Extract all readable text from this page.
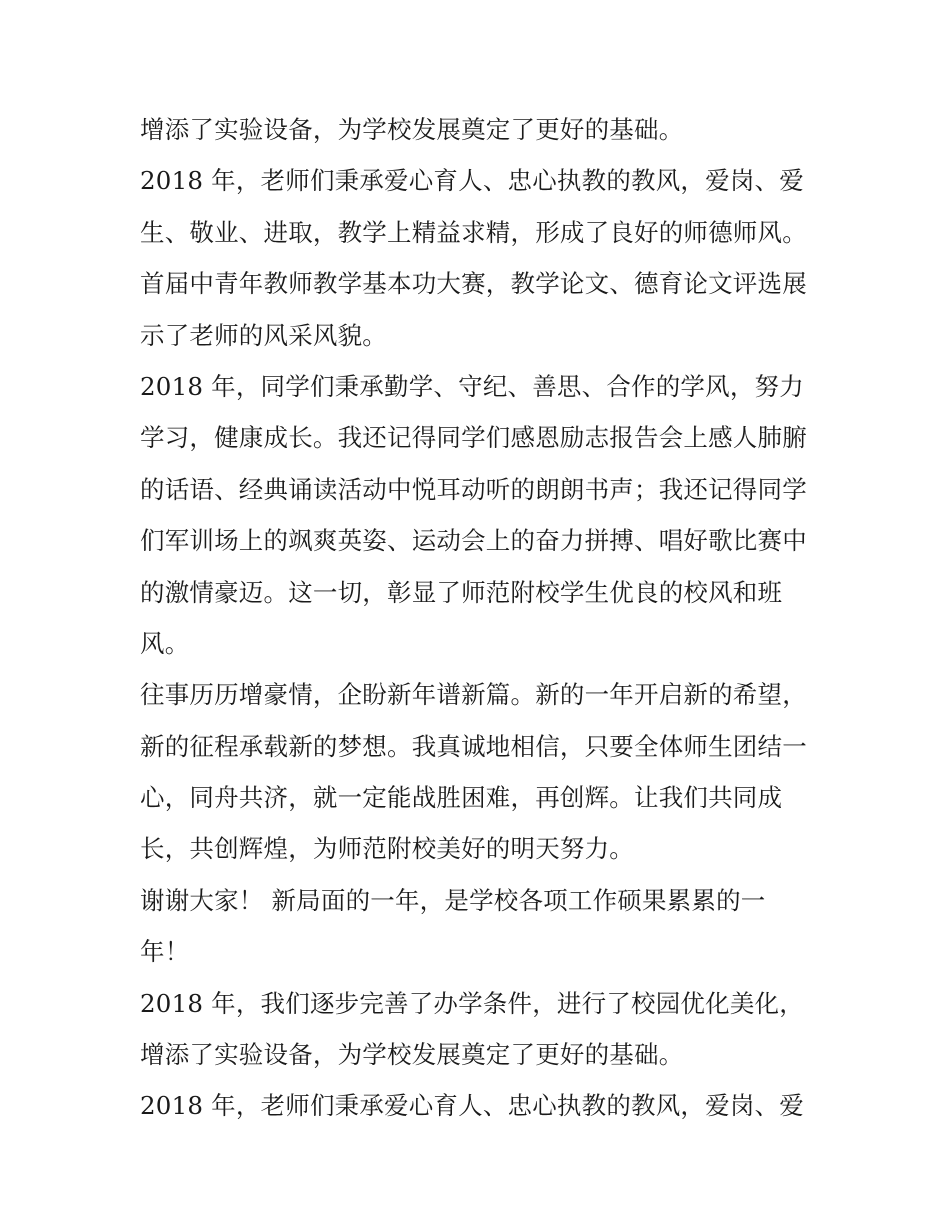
增添了实验设备，为学校发展奠定了更好的基础。
2018 年，老师们秉承爱心育人、忠心执教的教风，爱岗、爱
生、敬业、进取，教学上精益求精，形成了良好的师德师风。
首届中青年教师教学基本功大赛，教学论文、德育论文评选展
示了老师的风采风貌。
2018 年，同学们秉承勤学、守纪、善思、合作的学风，努力
学习，健康成长。我还记得同学们感恩励志报告会上感人肺腑
的话语、经典诵读活动中悦耳动听的朗朗书声；我还记得同学
们军训场上的飒爽英姿、运动会上的奋力拼搏、唱好歌比赛中
的激情豪迈。这一切，彰显了师范附校学生优良的校风和班
风。
往事历历增豪情，企盼新年谱新篇。新的一年开启新的希望，
新的征程承载新的梦想。我真诚地相信，只要全体师生团结一
心，同舟共济，就一定能战胜困难，再创辉。让我们共同成
长，共创辉煌，为师范附校美好的明天努力。
谢谢大家！ 新局面的一年，是学校各项工作硕果累累的一
年！
2018 年，我们逐步完善了办学条件，进行了校园优化美化，
增添了实验设备，为学校发展奠定了更好的基础。
2018 年，老师们秉承爱心育人、忠心执教的教风，爱岗、爱
